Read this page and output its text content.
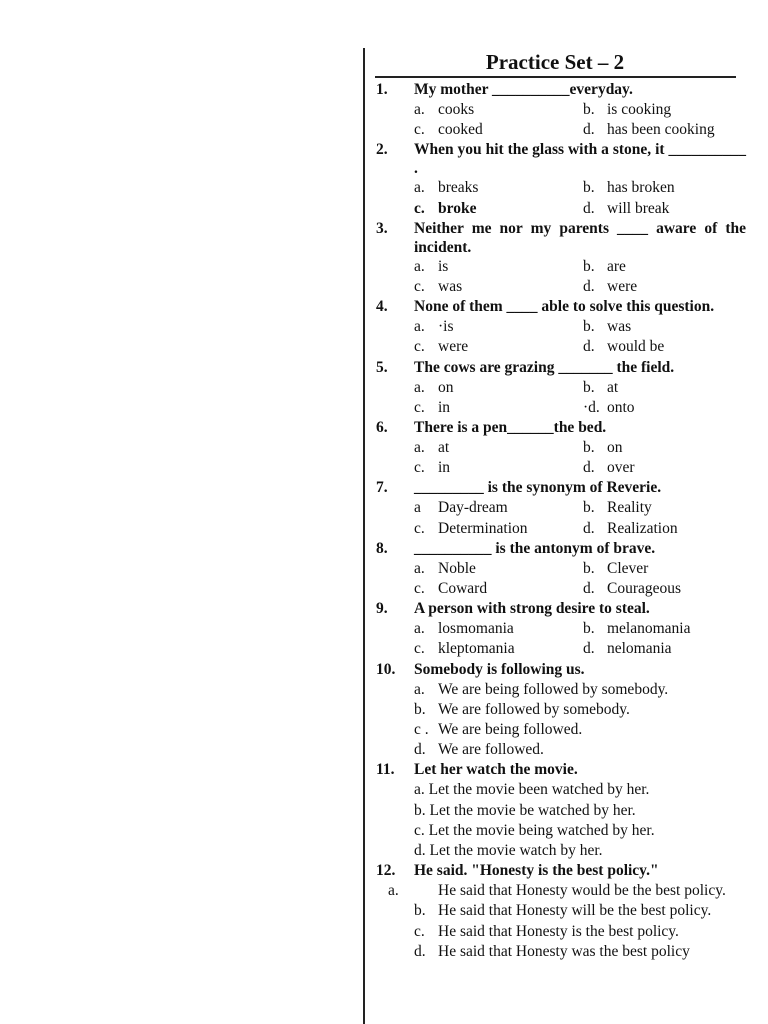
Practice Set – 2
1.	My mother __________everyday.
a. cooks	b. is cooking
c. cooked	d. has been cooking
2.	When you hit the glass with a stone, it __________ .
a. breaks	b. has broken
c. broke	d. will break
3.	Neither me nor my parents ____ aware of the incident.
a. is	b. are
c. was	d. were
4.	None of them ____ able to solve this question.
a. ·is	b. was
c. were	d. would be
5.	The cows are grazing _______ the field.
a. on	b. at
c. in	·d. onto
6.	There is a pen______the bed.
a. at	b. on
c. in	d. over
7.	_________ is the synonym of Reverie.
a Day-dream	b. Reality
c. Determination	d. Realization
8.	__________ is the antonym of brave.
a. Noble	b. Clever
c. Coward	d. Courageous
9.	A person with strong desire to steal.
a. losmomania	b. melanomania
c. kleptomania	d. nelomania
10.	Somebody is following us.
a. We are being followed by somebody.
b. We are followed by somebody.
c . We are being followed.
d. We are followed.
11.	Let her watch the movie.
a. Let the movie been watched by her.
b. Let the movie be watched by her.
c. Let the movie being watched by her.
d. Let the movie watch by her.
12.	He said. "Honesty is the best policy."
a.	He said that Honesty would be the best policy.
b. He said that Honesty will be the best policy.
c. He said that Honesty is the best policy.
d. He said that Honesty was the best policy
